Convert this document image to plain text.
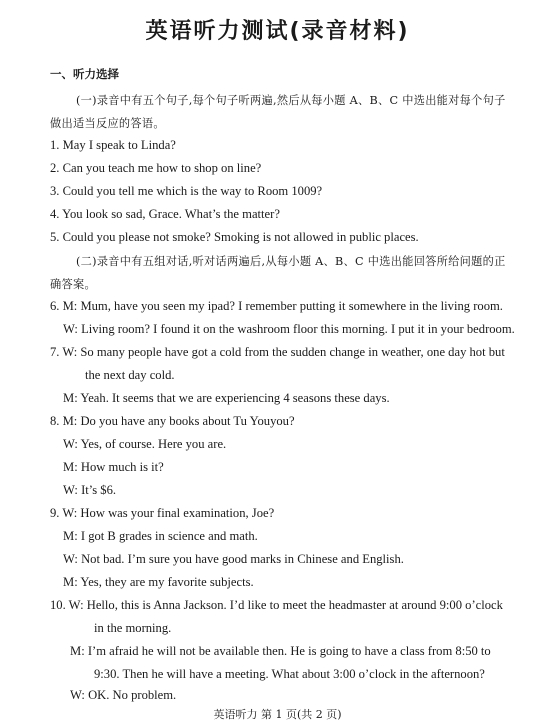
英语听力测试(录音材料)
一、听力选择
(一)录音中有五个句子,每个句子听两遍,然后从每小题 A、B、C 中选出能对每个句子
做出适当反应的答语。
1. May I speak to Linda?
2. Can you teach me how to shop on line?
3. Could you tell me which is the way to Room 1009?
4. You look so sad, Grace. What’s the matter?
5. Could you please not smoke? Smoking is not allowed in public places.
(二)录音中有五组对话,听对话两遍后,从每小题 A、B、C 中选出能回答所给问题的正
确答案。
6. M: Mum, have you seen my ipad? I remember putting it somewhere in the living room.
W: Living room? I found it on the washroom floor this morning. I put it in your bedroom.
7. W: So many people have got a cold from the sudden change in weather, one day hot but
the next day cold.
M: Yeah. It seems that we are experiencing 4 seasons these days.
8. M: Do you have any books about Tu Youyou?
W: Yes, of course. Here you are.
M: How much is it?
W: It’s $6.
9. W: How was your final examination, Joe?
M: I got B grades in science and math.
W: Not bad. I’m sure you have good marks in Chinese and English.
M: Yes, they are my favorite subjects.
10. W: Hello, this is Anna Jackson. I’d like to meet the headmaster at around 9:00 o’clock
in the morning.
M: I’m afraid he will not be available then. He is going to have a class from 8:50 to
9:30. Then he will have a meeting. What about 3:00 o’clock in the afternoon?
W: OK. No problem.
英语听力 第 1 页(共 2 页)
